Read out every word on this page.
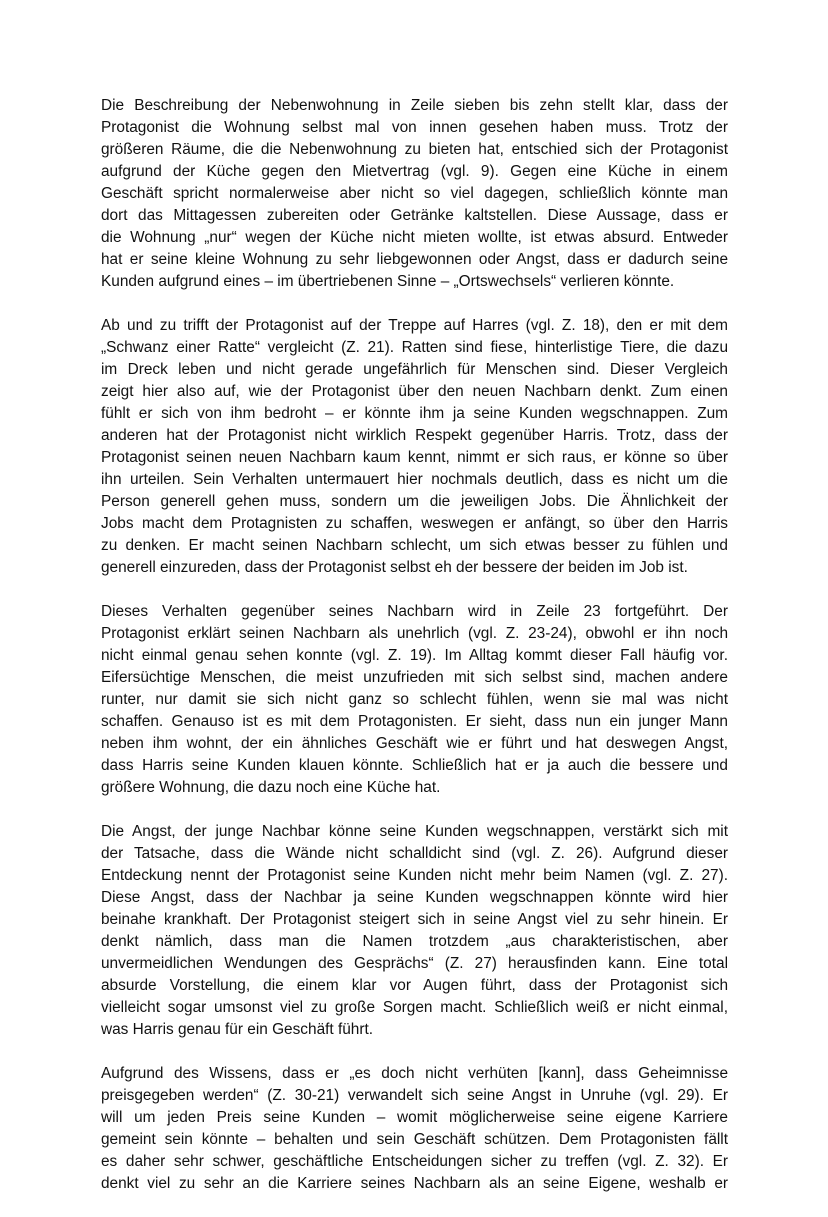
Die Beschreibung der Nebenwohnung in Zeile sieben bis zehn stellt klar, dass der
Protagonist die Wohnung selbst mal von innen gesehen haben muss. Trotz der
größeren Räume, die die Nebenwohnung zu bieten hat, entschied sich der Protagonist
aufgrund der Küche gegen den Mietvertrag (vgl. 9). Gegen eine Küche in einem
Geschäft spricht normalerweise aber nicht so viel dagegen, schließlich könnte man
dort das Mittagessen zubereiten oder Getränke kaltstellen. Diese Aussage, dass er
die Wohnung „nur“ wegen der Küche nicht mieten wollte, ist etwas absurd. Entweder
hat er seine kleine Wohnung zu sehr liebgewonnen oder Angst, dass er dadurch seine
Kunden aufgrund eines – im übertriebenen Sinne – „Ortswechsels“ verlieren könnte.
Ab und zu trifft der Protagonist auf der Treppe auf Harres (vgl. Z. 18), den er mit dem
„Schwanz einer Ratte“ vergleicht (Z. 21). Ratten sind fiese, hinterlistige Tiere, die dazu
im Dreck leben und nicht gerade ungefährlich für Menschen sind. Dieser Vergleich
zeigt hier also auf, wie der Protagonist über den neuen Nachbarn denkt. Zum einen
fühlt er sich von ihm bedroht – er könnte ihm ja seine Kunden wegschnappen. Zum
anderen hat der Protagonist nicht wirklich Respekt gegenüber Harris. Trotz, dass der
Protagonist seinen neuen Nachbarn kaum kennt, nimmt er sich raus, er könne so über
ihn urteilen. Sein Verhalten untermauert hier nochmals deutlich, dass es nicht um die
Person generell gehen muss, sondern um die jeweiligen Jobs. Die Ähnlichkeit der
Jobs macht dem Protagnisten zu schaffen, weswegen er anfängt, so über den Harris
zu denken. Er macht seinen Nachbarn schlecht, um sich etwas besser zu fühlen und
generell einzureden, dass der Protagonist selbst eh der bessere der beiden im Job ist.
Dieses Verhalten gegenüber seines Nachbarn wird in Zeile 23 fortgeführt. Der
Protagonist erklärt seinen Nachbarn als unehrlich (vgl. Z. 23-24), obwohl er ihn noch
nicht einmal genau sehen konnte (vgl. Z. 19). Im Alltag kommt dieser Fall häufig vor.
Eifersüchtige Menschen, die meist unzufrieden mit sich selbst sind, machen andere
runter, nur damit sie sich nicht ganz so schlecht fühlen, wenn sie mal was nicht
schaffen. Genauso ist es mit dem Protagonisten. Er sieht, dass nun ein junger Mann
neben ihm wohnt, der ein ähnliches Geschäft wie er führt und hat deswegen Angst,
dass Harris seine Kunden klauen könnte. Schließlich hat er ja auch die bessere und
größere Wohnung, die dazu noch eine Küche hat.
Die Angst, der junge Nachbar könne seine Kunden wegschnappen, verstärkt sich mit
der Tatsache, dass die Wände nicht schalldicht sind (vgl. Z. 26). Aufgrund dieser
Entdeckung nennt der Protagonist seine Kunden nicht mehr beim Namen (vgl. Z. 27).
Diese Angst, dass der Nachbar ja seine Kunden wegschnappen könnte wird hier
beinahe krankhaft. Der Protagonist steigert sich in seine Angst viel zu sehr hinein. Er
denkt nämlich, dass man die Namen trotzdem „aus charakteristischen, aber
unvermeidlichen Wendungen des Gesprächs“ (Z. 27) herausfinden kann. Eine total
absurde Vorstellung, die einem klar vor Augen führt, dass der Protagonist sich
vielleicht sogar umsonst viel zu große Sorgen macht. Schließlich weiß er nicht einmal,
was Harris genau für ein Geschäft führt.
Aufgrund des Wissens, dass er „es doch nicht verhüten [kann], dass Geheimnisse
preisgegeben werden“ (Z. 30-21) verwandelt sich seine Angst in Unruhe (vgl. 29). Er
will um jeden Preis seine Kunden – womit möglicherweise seine eigene Karriere
gemeint sein könnte – behalten und sein Geschäft schützen. Dem Protagonisten fällt
es daher sehr schwer, geschäftliche Entscheidungen sicher zu treffen (vgl. Z. 32). Er
denkt viel zu sehr an die Karriere seines Nachbarn als an seine Eigene, weshalb er
